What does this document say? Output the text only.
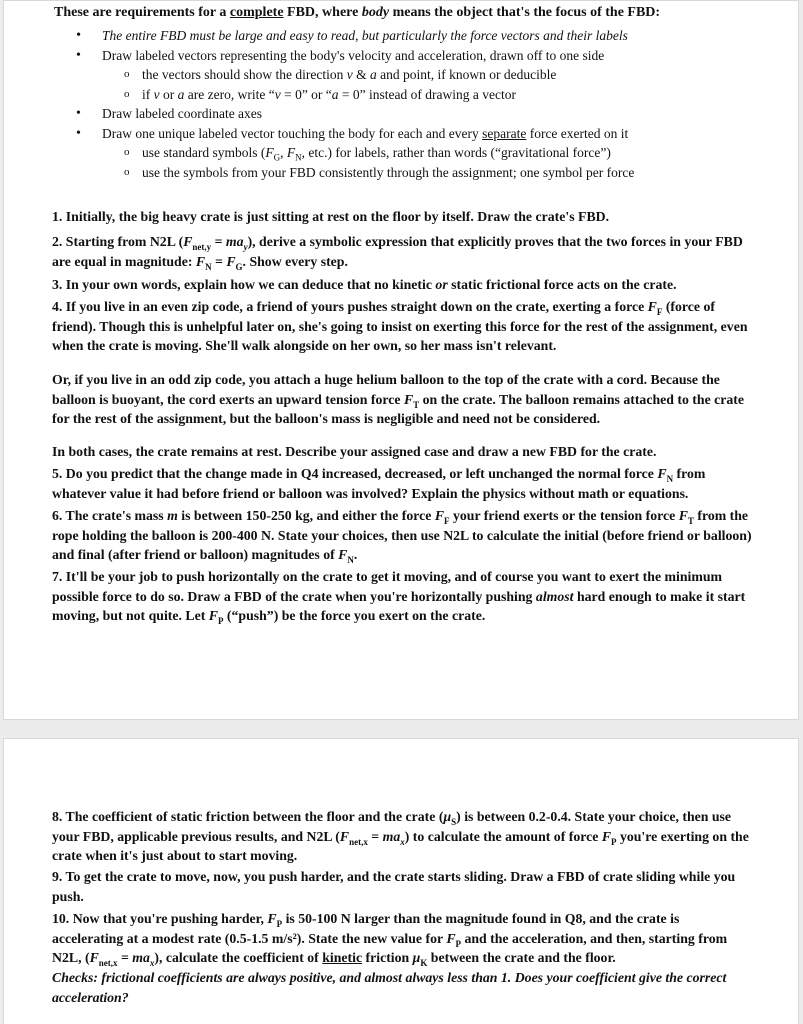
These are requirements for a complete FBD, where body means the object that's the focus of the FBD:
• The entire FBD must be large and easy to read, but particularly the force vectors and their labels
• Draw labeled vectors representing the body's velocity and acceleration, drawn off to one side
o the vectors should show the direction v & a and point, if known or deducible
o if v or a are zero, write “v = 0” or “a = 0” instead of drawing a vector
• Draw labeled coordinate axes
• Draw one unique labeled vector touching the body for each and every separate force exerted on it
o use standard symbols ($F_G$, $F_N$, etc.) for labels, rather than words (“gravitational force”)
o use the symbols from your FBD consistently through the assignment; one symbol per force
1. Initially, the big heavy crate is just sitting at rest on the floor by itself. Draw the crate's FBD.
2. Starting from N2L $(F_{net,y} = ma_y)$, derive a symbolic expression that explicitly proves that the two forces in your FBD are equal in magnitude: $F_N = F_G$. Show every step.
3. In your own words, explain how we can deduce that no kinetic or static frictional force acts on the crate.
4. If you live in an even zip code, a friend of yours pushes straight down on the crate, exerting a force $F_F$ (force of friend). Though this is unhelpful later on, she's going to insist on exerting this force for the rest of the assignment, even when the crate is moving. She'll walk alongside on her own, so her mass isn't relevant.
Or, if you live in an odd zip code, you attach a huge helium balloon to the top of the crate with a cord. Because the balloon is buoyant, the cord exerts an upward tension force $F_T$ on the crate. The balloon remains attached to the crate for the rest of the assignment, but the balloon's mass is negligible and need not be considered.
In both cases, the crate remains at rest. Describe your assigned case and draw a new FBD for the crate.
5. Do you predict that the change made in Q4 increased, decreased, or left unchanged the normal force $F_N$ from whatever value it had before friend or balloon was involved? Explain the physics without math or equations.
6. The crate's mass m is between 150-250 kg, and either the force $F_F$ your friend exerts or the tension force $F_T$ from the rope holding the balloon is 200-400 N. State your choices, then use N2L to calculate the initial (before friend or balloon) and final (after friend or balloon) magnitudes of $F_N$.
7. It'll be your job to push horizontally on the crate to get it moving, and of course you want to exert the minimum possible force to do so. Draw a FBD of the crate when you're horizontally pushing almost hard enough to make it start moving, but not quite. Let $F_P$ (“push”) be the force you exert on the crate.
8. The coefficient of static friction between the floor and the crate $(\mu_S)$ is between 0.2-0.4. State your choice, then use your FBD, applicable previous results, and N2L $(F_{net,x} = ma_x)$ to calculate the amount of force $F_P$ you're exerting on the crate when it's just about to start moving.
9. To get the crate to move, now, you push harder, and the crate starts sliding. Draw a FBD of crate sliding while you push.
10. Now that you're pushing harder, $F_P$ is 50-100 N larger than the magnitude found in Q8, and the crate is accelerating at a modest rate (0.5-1.5 m/s²). State the new value for $F_P$ and the acceleration, and then, starting from N2L, $(F_{net,x} = ma_x)$, calculate the coefficient of kinetic friction $\mu_K$ between the crate and the floor.
Checks: frictional coefficients are always positive, and almost always less than 1. Does your coefficient give the correct acceleration?
